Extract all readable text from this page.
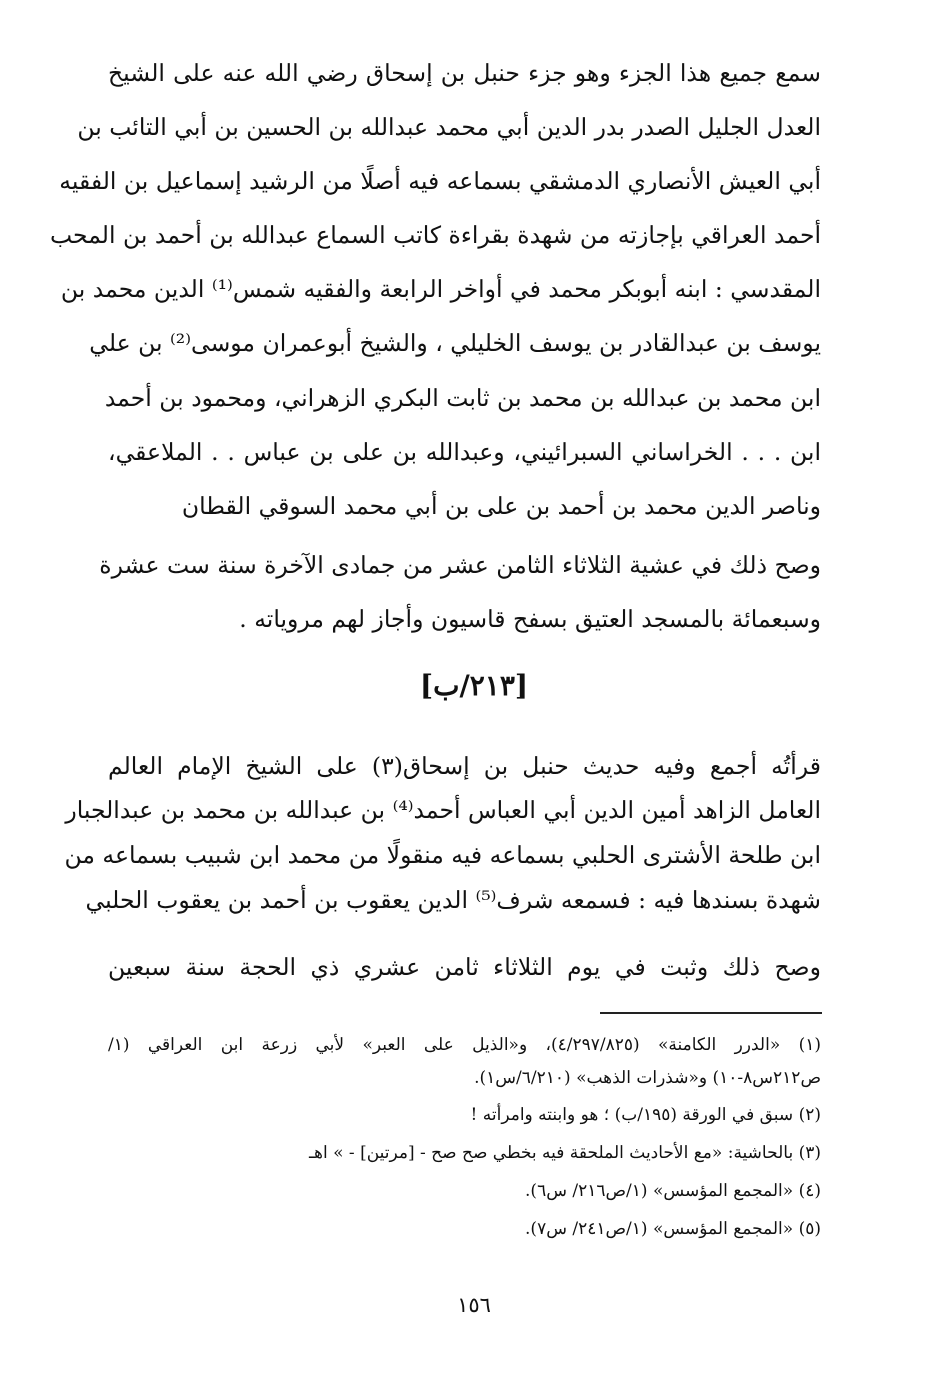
سمع جميع هذا الجزء وهو جزء حنبل بن إسحاق رضي الله عنه على الشيخ
العدل الجليل الصدر بدر الدين أبي محمد عبدالله بن الحسين بن أبي التائب بن
أبي العيش الأنصاري الدمشقي بسماعه فيه أصلًا من الرشيد إسماعيل بن الفقيه
أحمد العراقي بإجازته من شهدة بقراءة كاتب السماع عبدالله بن أحمد بن المحب
المقدسي : ابنه أبوبكر محمد في أواخر الرابعة والفقيه شمس⁽¹⁾ الدين محمد بن
يوسف بن عبدالقادر بن يوسف الخليلي ، والشيخ أبوعمران موسى⁽²⁾ بن علي
ابن محمد بن عبدالله بن محمد بن ثابت البكري الزهراني، ومحمود بن أحمد
ابن . . . الخراساني السبرائيني، وعبدالله بن على بن عباس . . الملاعقي،
وناصر الدين محمد بن أحمد بن على بن أبي محمد السوقي القطان
وصح ذلك في عشية الثلاثاء الثامن عشر من جمادى الآخرة سنة ست عشرة
وسبعمائة بالمسجد العتيق بسفح قاسيون وأجاز لهم مروياته .
[٢١٣/ب]
قرأتُه أجمع وفيه حديث حنبل بن إسحاق(٣) على الشيخ الإمام العالم
العامل الزاهد أمين الدين أبي العباس أحمد⁽⁴⁾ بن عبدالله بن محمد بن عبدالجبار
ابن طلحة الأشترى الحلبي بسماعه فيه منقولًا من محمد ابن شبيب بسماعه من
شهدة بسندها فيه : فسمعه شرف⁽⁵⁾ الدين يعقوب بن أحمد بن يعقوب الحلبي
وصح ذلك وثبت في يوم الثلاثاء ثامن عشري ذي الحجة سنة سبعين
(١) «الدرر الكامنة» (٤/٢٩٧/٨٢٥)، و«الذيل على العبر» لأبي زرعة ابن العراقي (١/
ص٢١٢س٨-١٠) و«شذرات الذهب» (٦/٢١٠/س١).
(٢) سبق في الورقة (١٩٥/ب) ؛ هو وابنته وامرأته !
(٣) بالحاشية: «مع الأحاديث الملحقة فيه بخطي صح صح - [مرتين] - » اهـ
(٤) «المجمع المؤسس» (١/ص٢١٦/ س٦).
(٥) «المجمع المؤسس» (١/ص٢٤١/ س٧).
١٥٦
